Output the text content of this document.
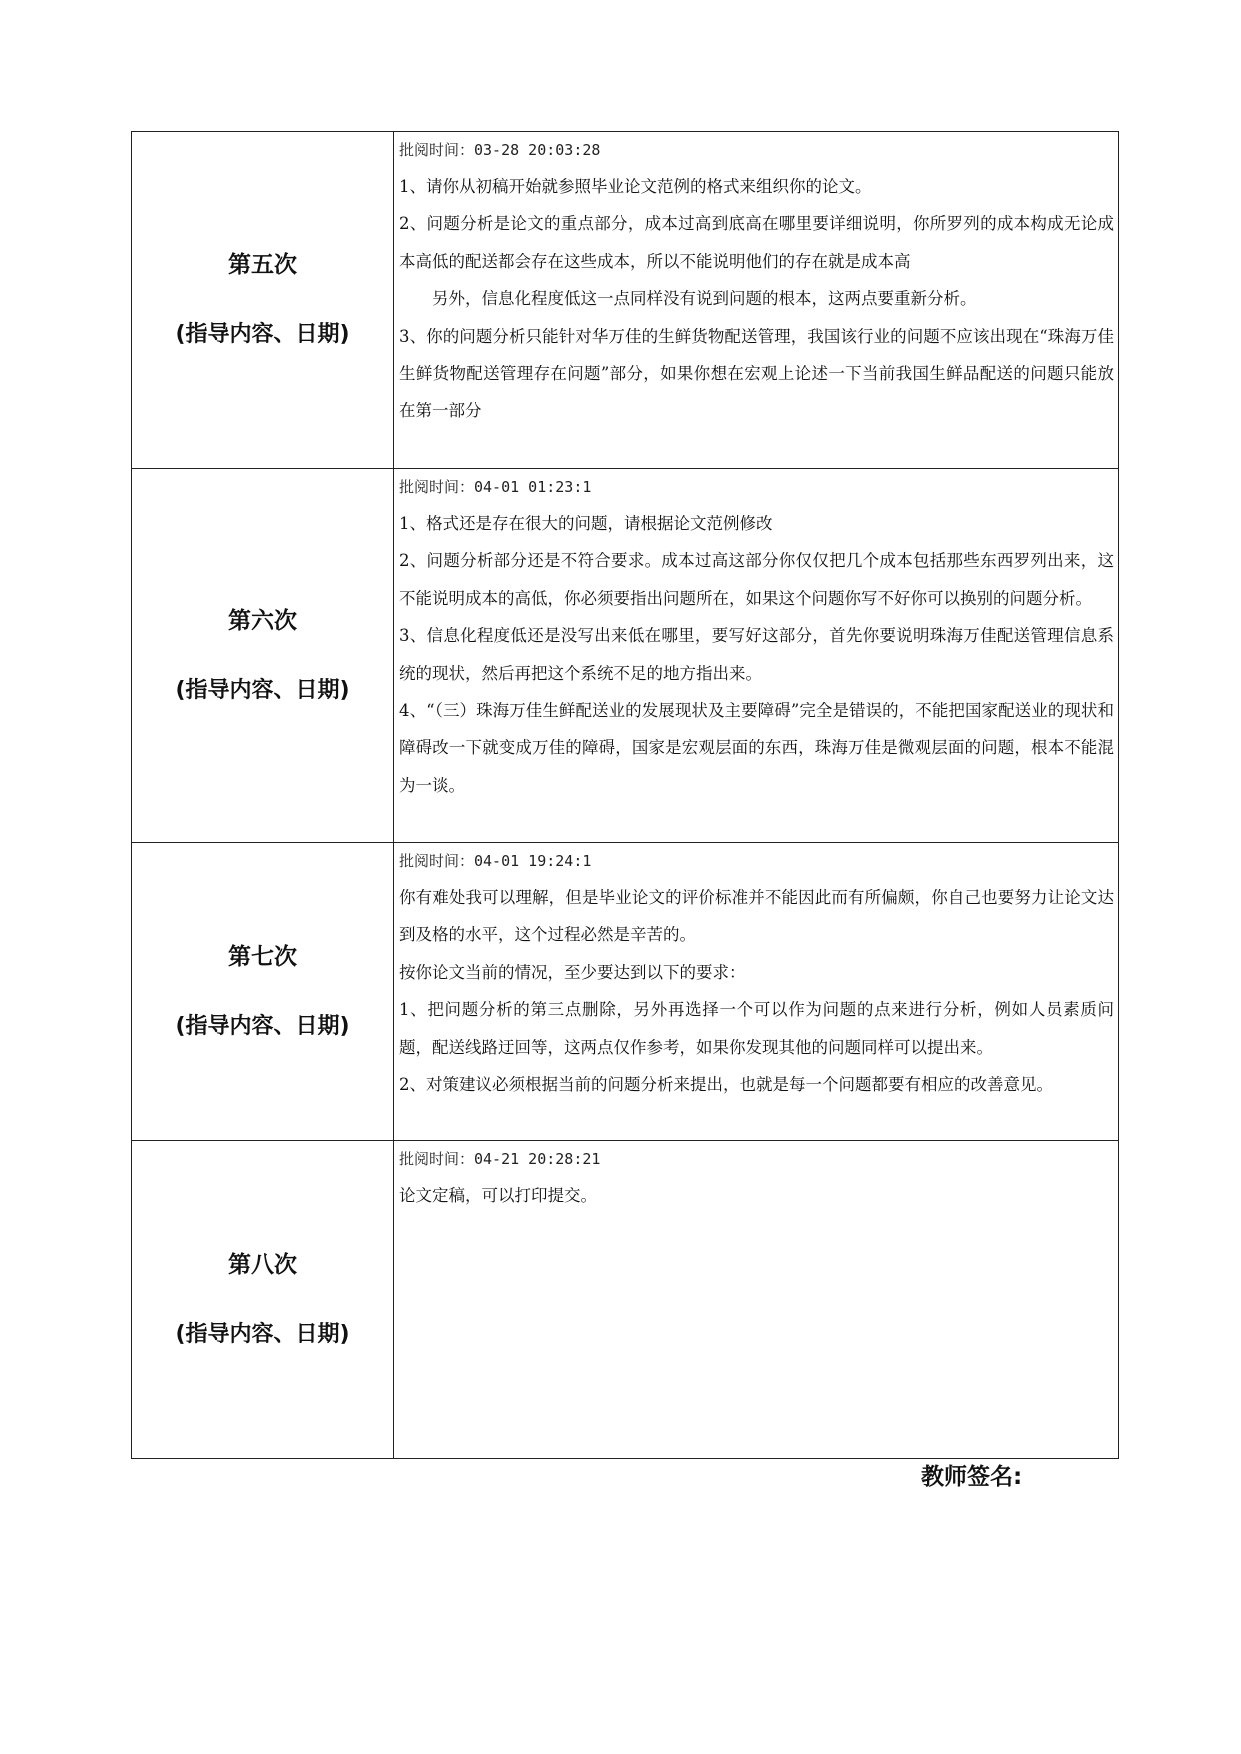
第五次
(指导内容、日期)	批阅时间：03-28 20:03:28
1、请你从初稿开始就参照毕业论文范例的格式来组织你的论文。
2、问题分析是论文的重点部分，成本过高到底高在哪里要详细说明，你所罗列的成本构成无论成本高低的配送都会存在这些成本，所以不能说明他们的存在就是成本高
另外，信息化程度低这一点同样没有说到问题的根本，这两点要重新分析。
3、你的问题分析只能针对华万佳的生鲜货物配送管理，我国该行业的问题不应该出现在“珠海万佳生鲜货物配送管理存在问题”部分，如果你想在宏观上论述一下当前我国生鲜品配送的问题只能放在第一部分

第六次
(指导内容、日期)	批阅时间：04-01 01:23:1
1、格式还是存在很大的问题，请根据论文范例修改
2、问题分析部分还是不符合要求。成本过高这部分你仅仅把几个成本包括那些东西罗列出来，这不能说明成本的高低，你必须要指出问题所在，如果这个问题你写不好你可以换别的问题分析。
3、信息化程度低还是没写出来低在哪里，要写好这部分，首先你要说明珠海万佳配送管理信息系统的现状，然后再把这个系统不足的地方指出来。
4、“（三）珠海万佳生鲜配送业的发展现状及主要障碍”完全是错误的，不能把国家配送业的现状和障碍改一下就变成万佳的障碍，国家是宏观层面的东西，珠海万佳是微观层面的问题，根本不能混为一谈。

第七次
(指导内容、日期)	批阅时间：04-01 19:24:1
你有难处我可以理解，但是毕业论文的评价标准并不能因此而有所偏颇，你自己也要努力让论文达到及格的水平，这个过程必然是辛苦的。
按你论文当前的情况，至少要达到以下的要求：
1、把问题分析的第三点删除，另外再选择一个可以作为问题的点来进行分析，例如人员素质问题，配送线路迂回等，这两点仅作参考，如果你发现其他的问题同样可以提出来。
2、对策建议必须根据当前的问题分析来提出，也就是每一个问题都要有相应的改善意见。

第八次
(指导内容、日期)	批阅时间：04-21 20:28:21
论文定稿，可以打印提交。
教师签名:
